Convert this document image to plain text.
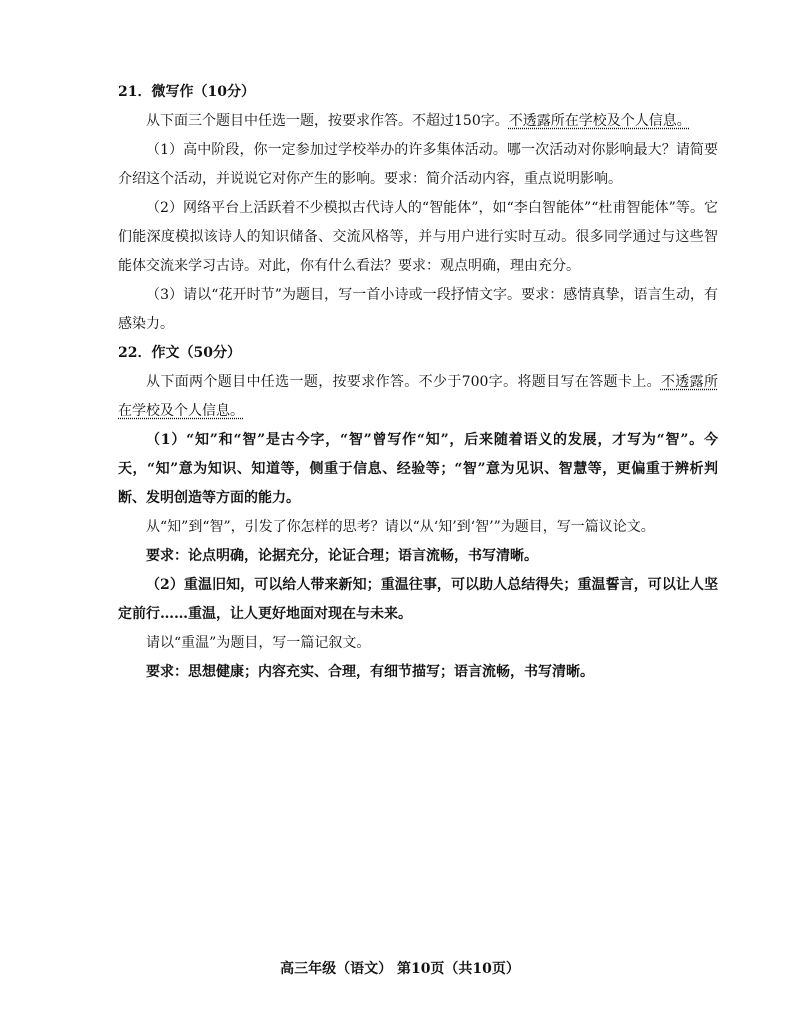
21．微写作（10分）

从下面三个题目中任选一题，按要求作答。不超过150字。不透露所在学校及个人信息。

（1）高中阶段，你一定参加过学校举办的许多集体活动。哪一次活动对你影响最大？请简要介绍这个活动，并说说它对你产生的影响。要求：简介活动内容，重点说明影响。

（2）网络平台上活跃着不少模拟古代诗人的“智能体”，如“李白智能体”“杜甫智能体”等。它们能深度模拟该诗人的知识储备、交流风格等，并与用户进行实时互动。很多同学通过与这些智能体交流来学习古诗。对此，你有什么看法？要求：观点明确，理由充分。

（3）请以“花开时节”为题目，写一首小诗或一段抒情文字。要求：感情真挚，语言生动，有感染力。

22．作文（50分）

从下面两个题目中任选一题，按要求作答。不少于700字。将题目写在答题卡上。不透露所在学校及个人信息。

（1）“知”和“智”是古今字，“智”曾写作“知”，后来随着语义的发展，才写为“智”。今天，“知”意为知识、知道等，侧重于信息、经验等；“智”意为见识、智慧等，更偏重于辨析判断、发明创造等方面的能力。

从“知”到“智”，引发了你怎样的思考？请以“从‘知’到‘智’”为题目，写一篇议论文。

要求：论点明确，论据充分，论证合理；语言流畅，书写清晰。

（2）重温旧知，可以给人带来新知；重温往事，可以助人总结得失；重温誓言，可以让人坚定前行……重温，让人更好地面对现在与未来。

请以“重温”为题目，写一篇记叙文。

要求：思想健康；内容充实、合理，有细节描写；语言流畅，书写清晰。

高三年级（语文） 第10页（共10页）
